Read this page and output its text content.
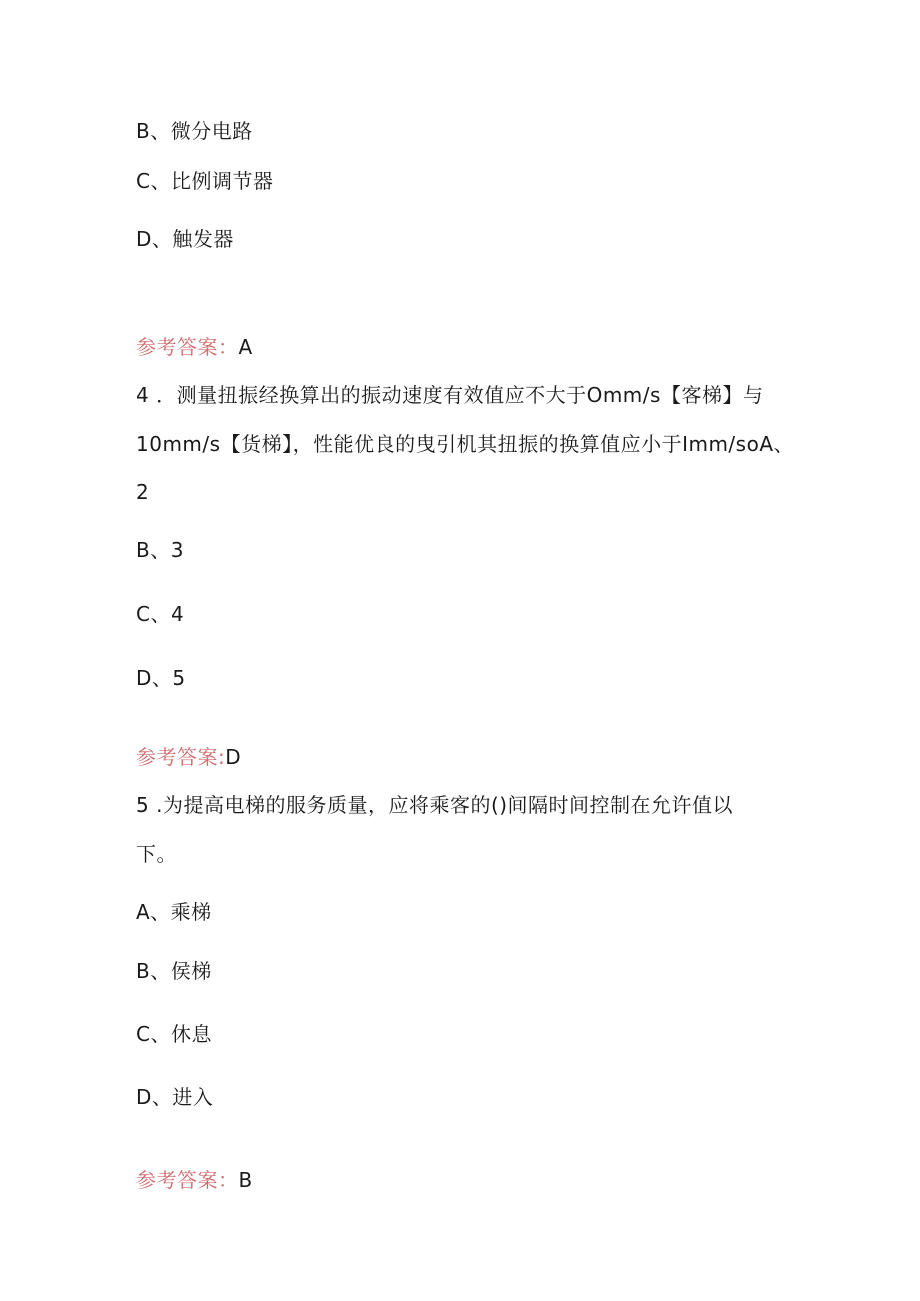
B、微分电路
C、比例调节器
D、触发器
参考答案：A
4 ．测量扭振经换算出的振动速度有效值应不大于Omm/s【客梯】与
10mm/s【货梯】，性能优良的曳引机其扭振的换算值应小于Imm/soA、
2
B、3
C、4
D、5
参考答案:D
5 .为提高电梯的服务质量，应将乘客的()间隔时间控制在允许值以
下。
A、乘梯
B、侯梯
C、休息
D、进入
参考答案：B
